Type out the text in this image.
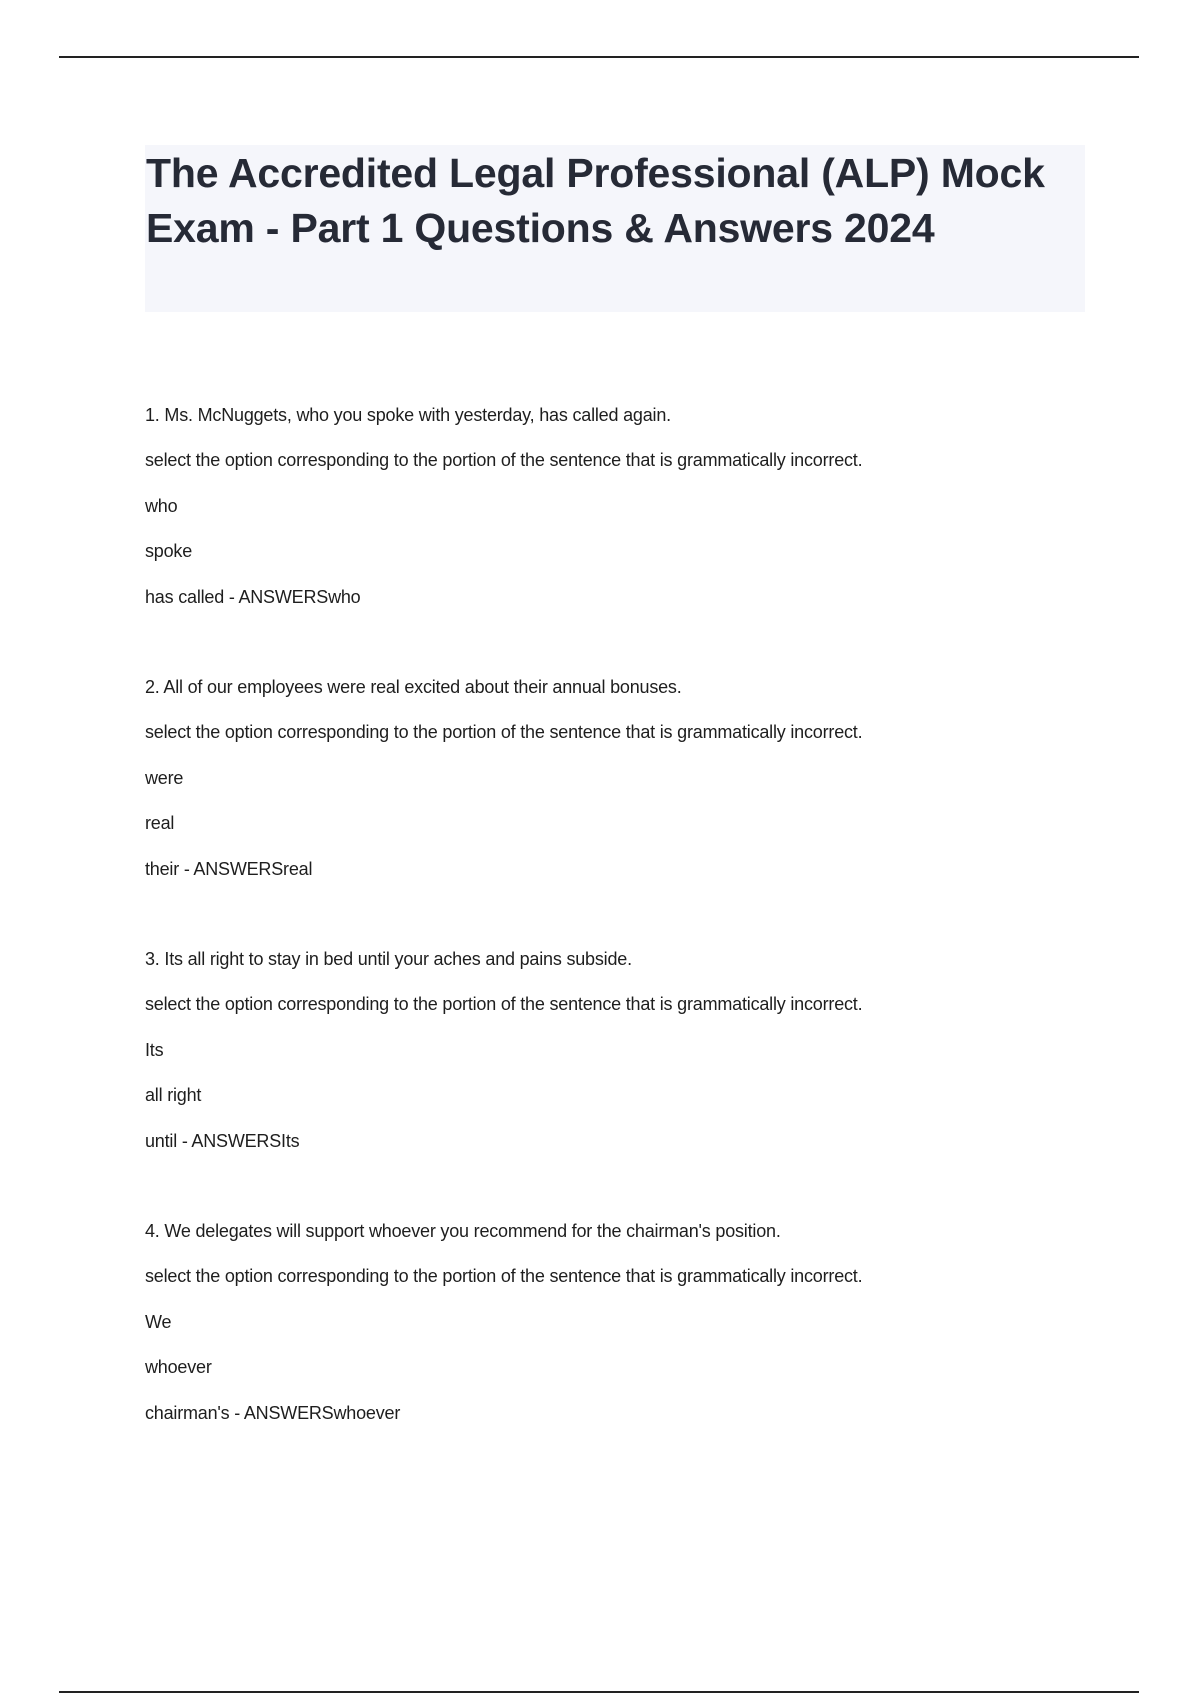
The Accredited Legal Professional (ALP) Mock Exam - Part 1 Questions & Answers 2024

1. Ms. McNuggets, who you spoke with yesterday, has called again.

select the option corresponding to the portion of the sentence that is grammatically incorrect.

who

spoke

has called - ANSWERSwho

2. All of our employees were real excited about their annual bonuses.

select the option corresponding to the portion of the sentence that is grammatically incorrect.

were

real

their - ANSWERSreal

3. Its all right to stay in bed until your aches and pains subside.

select the option corresponding to the portion of the sentence that is grammatically incorrect.

Its

all right

until - ANSWERSIts

4. We delegates will support whoever you recommend for the chairman's position.

select the option corresponding to the portion of the sentence that is grammatically incorrect.

We

whoever

chairman's - ANSWERSwhoever
